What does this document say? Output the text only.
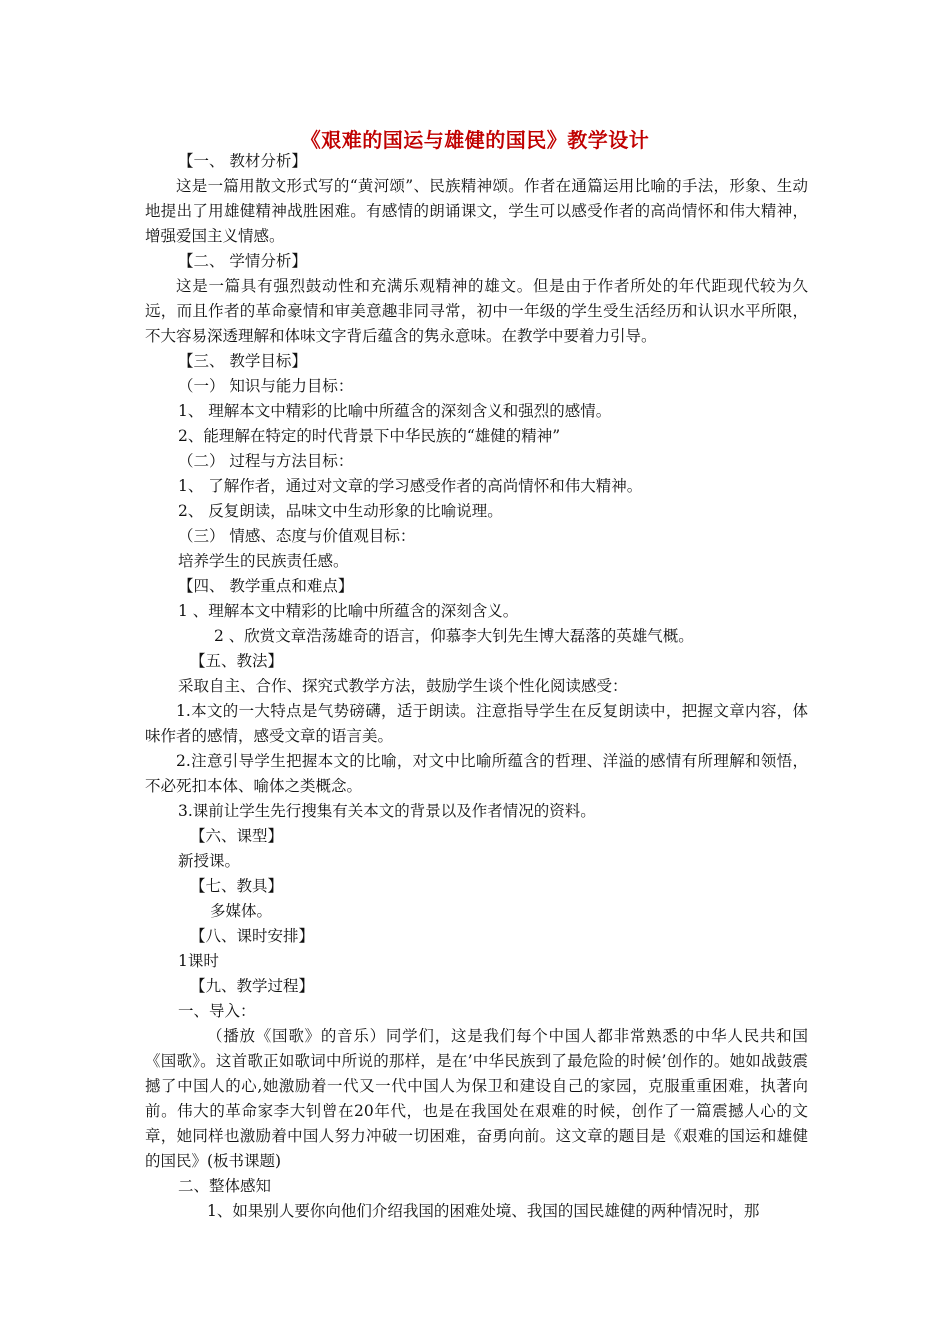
《艰难的国运与雄健的国民》教学设计
【一、 教材分析】
这是一篇用散文形式写的“黄河颂”、民族精神颂。作者在通篇运用比喻的手法，形象、生动地提出了用雄健精神战胜困难。有感情的朗诵课文，学生可以感受作者的高尚情怀和伟大精神，增强爱国主义情感。
【二、 学情分析】
这是一篇具有强烈鼓动性和充满乐观精神的雄文。但是由于作者所处的年代距现代较为久远，而且作者的革命豪情和审美意趣非同寻常，初中一年级的学生受生活经历和认识水平所限，不大容易深透理解和体味文字背后蕴含的隽永意味。在教学中要着力引导。
【三、 教学目标】
（一） 知识与能力目标：
1、 理解本文中精彩的比喻中所蕴含的深刻含义和强烈的感情。
2、能理解在特定的时代背景下中华民族的“雄健的精神”
（二） 过程与方法目标：
1、 了解作者，通过对文章的学习感受作者的高尚情怀和伟大精神。
2、 反复朗读，品味文中生动形象的比喻说理。
（三） 情感、态度与价值观目标：
培养学生的民族责任感。
【四、 教学重点和难点】
1 、理解本文中精彩的比喻中所蕴含的深刻含义。
2 、欣赏文章浩荡雄奇的语言，仰慕李大钊先生博大磊落的英雄气概。
【五、教法】
采取自主、合作、探究式教学方法，鼓励学生谈个性化阅读感受：
1.本文的一大特点是气势磅礴，适于朗读。注意指导学生在反复朗读中，把握文章内容，体味作者的感情，感受文章的语言美。
2.注意引导学生把握本文的比喻，对文中比喻所蕴含的哲理、洋溢的感情有所理解和领悟，不必死扣本体、喻体之类概念。
3.课前让学生先行搜集有关本文的背景以及作者情况的资料。
【六、课型】
新授课。
【七、教具】
多媒体。
【八、课时安排】
1课时
【九、教学过程】
一、导入：
（播放《国歌》的音乐）同学们，这是我们每个中国人都非常熟悉的中华人民共和国《国歌》。这首歌正如歌词中所说的那样，是在’中华民族到了最危险的时候’创作的。她如战鼓震撼了中国人的心,她激励着一代又一代中国人为保卫和建设自己的家园，克服重重困难，执著向前。伟大的革命家李大钊曾在20年代，也是在我国处在艰难的时候，创作了一篇震撼人心的文章，她同样也激励着中国人努力冲破一切困难，奋勇向前。这文章的题目是《艰难的国运和雄健的国民》(板书课题)
二、整体感知
1、如果别人要你向他们介绍我国的困难处境、我国的国民雄健的两种情况时，那
